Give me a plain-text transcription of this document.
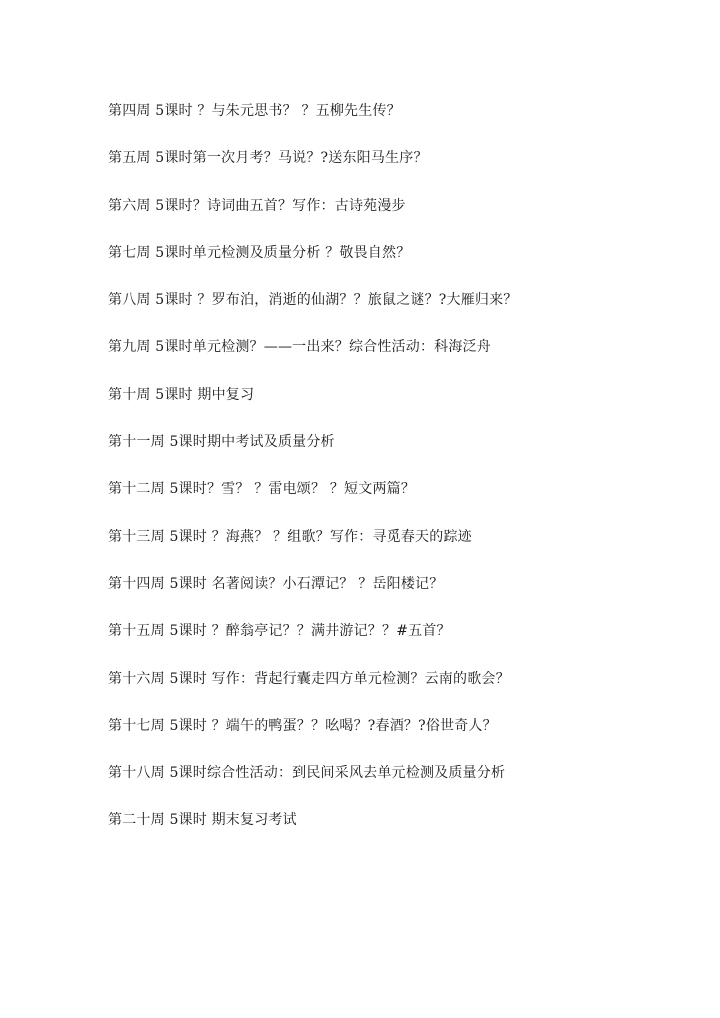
第四周 5课时 ？与朱元思书？ ？五柳先生传？
第五周 5课时第一次月考？马说？?送东阳马生序？
第六周 5课时？诗词曲五首？写作：古诗苑漫步
第七周 5课时单元检测及质量分析 ？敬畏自然？
第八周 5课时 ？罗布泊，消逝的仙湖？？旅鼠之谜？?大雁归来？
第九周 5课时单元检测？——一出来？综合性活动：科海泛舟
第十周 5课时 期中复习
第十一周 5课时期中考试及质量分析
第十二周 5课时？雪？ ？雷电颂？ ？短文两篇？
第十三周 5课时 ？海燕？ ？组歌？写作：寻觅春天的踪迹
第十四周 5课时 名著阅读？小石潭记？ ？岳阳楼记？
第十五周 5课时 ？醉翁亭记？？满井游记？？#五首？
第十六周 5课时 写作：背起行囊走四方单元检测？云南的歌会？
第十七周 5课时 ？端午的鸭蛋？？吆喝？?春酒？?俗世奇人？
第十八周 5课时综合性活动：到民间采风去单元检测及质量分析
第二十周 5课时 期末复习考试
